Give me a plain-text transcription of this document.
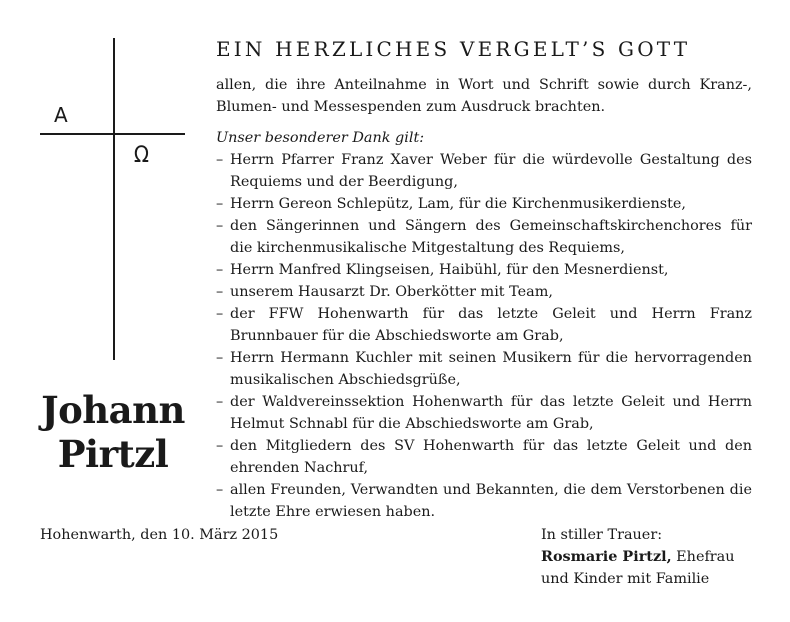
A
Ω
Johann
Pirtzl
EIN HERZLICHES VERGELT’S GOTT

allen, die ihre Anteilnahme in Wort und Schrift sowie durch Kranz-, Blumen- und Messespenden zum Ausdruck brachten.

Unser besonderer Dank gilt:

– Herrn Pfarrer Franz Xaver Weber für die würdevolle Gestaltung des Requiems und der Beerdigung,
– Herrn Gereon Schlepütz, Lam, für die Kirchenmusikerdienste,
– den Sängerinnen und Sängern des Gemeinschaftskirchenchores für die kirchenmusikalische Mitgestaltung des Requiems,
– Herrn Manfred Klingseisen, Haibühl, für den Mesnerdienst,
– unserem Hausarzt Dr. Oberkötter mit Team,
– der FFW Hohenwarth für das letzte Geleit und Herrn Franz Brunnbauer für die Abschiedsworte am Grab,
– Herrn Hermann Kuchler mit seinen Musikern für die hervorragenden musikalischen Abschiedsgrüße,
– der Waldvereinssektion Hohenwarth für das letzte Geleit und Herrn Helmut Schnabl für die Abschiedsworte am Grab,
– den Mitgliedern des SV Hohenwarth für das letzte Geleit und den ehrenden Nachruf,
– allen Freunden, Verwandten und Bekannten, die dem Verstorbenen die letzte Ehre erwiesen haben.
Hohenwarth, den 10. März 2015	In stiller Trauer:
Rosmarie Pirtzl, Ehefrau
und Kinder mit Familie
